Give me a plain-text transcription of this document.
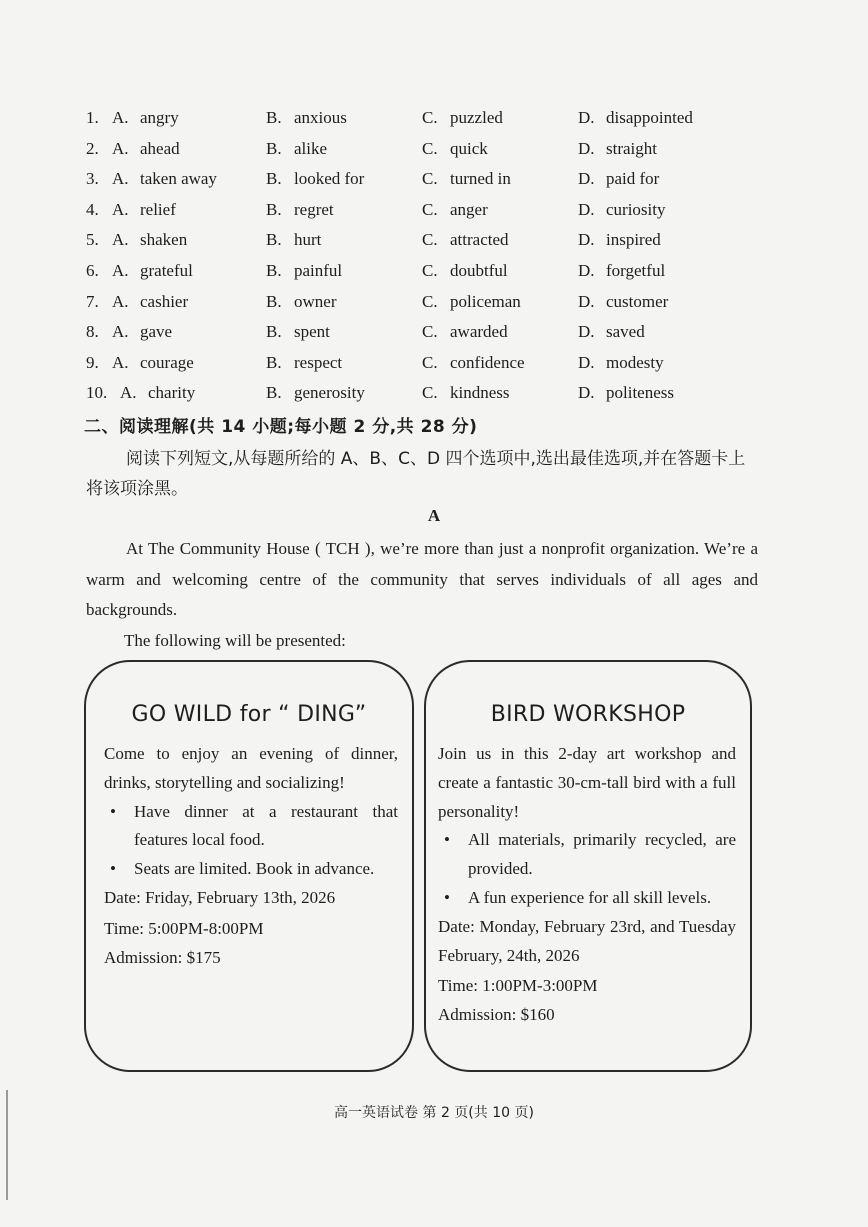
1. A. angry	B. anxious	C. puzzled	D. disappointed
2. A. ahead	B. alike	C. quick	D. straight
3. A. taken away	B. looked for	C. turned in	D. paid for
4. A. relief	B. regret	C. anger	D. curiosity
5. A. shaken	B. hurt	C. attracted	D. inspired
6. A. grateful	B. painful	C. doubtful	D. forgetful
7. A. cashier	B. owner	C. policeman	D. customer
8. A. gave	B. spent	C. awarded	D. saved
9. A. courage	B. respect	C. confidence	D. modesty
10. A. charity	B. generosity	C. kindness	D. politeness
二、阅读理解(共 14 小题;每小题 2 分,共 28 分)
阅读下列短文,从每题所给的 A、B、C、D 四个选项中,选出最佳选项,并在答题卡上将该项涂黑。
A
At The Community House ( TCH ), we’re more than just a nonprofit organization. We’re a warm and welcoming centre of the community that serves individuals of all ages and backgrounds.
The following will be presented:
GO WILD for “ DING”
Come to enjoy an evening of dinner, drinks, storytelling and socializing!
• Have dinner at a restaurant that features local food.
• Seats are limited. Book in advance.
Date: Friday, February 13th, 2026
Time: 5:00PM-8:00PM
Admission: $175
BIRD WORKSHOP
Join us in this 2-day art workshop and create a fantastic 30-cm-tall bird with a full personality!
• All materials, primarily recycled, are provided.
• A fun experience for all skill levels.
Date: Monday, February 23rd, and Tuesday February, 24th, 2026
Time: 1:00PM-3:00PM
Admission: $160
高一英语试卷 第 2 页(共 10 页)
